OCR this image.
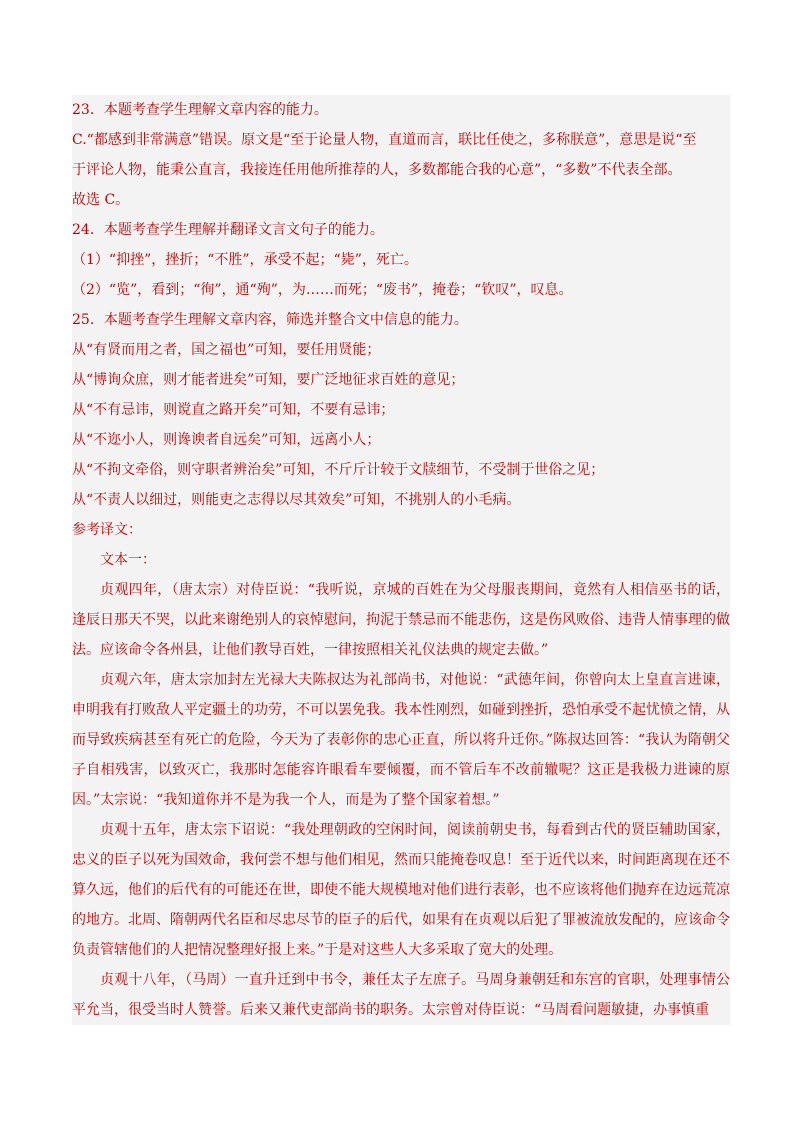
23．本题考查学生理解文章内容的能力。
C.“都感到非常满意”错误。原文是“至于论量人物，直道而言，联比任使之，多称朕意”，意思是说“至
于评论人物，能秉公直言，我接连任用他所推荐的人，多数都能合我的心意”，“多数”不代表全部。
故选 C。
24．本题考查学生理解并翻译文言文句子的能力。
（1）“抑挫”，挫折；“不胜”，承受不起；“毙”，死亡。
（2）“览”，看到；“徇”，通“殉”，为……而死；“废书”，掩卷；“钦叹”，叹息。
25．本题考查学生理解文章内容，筛选并整合文中信息的能力。
从“有贤而用之者，国之福也”可知，要任用贤能；
从“博询众庶，则才能者进矣”可知，要广泛地征求百姓的意见；
从“不有忌讳，则谠直之路开矣”可知，不要有忌讳；
从“不迩小人，则谗谀者自远矣”可知，远离小人；
从“不拘文牵俗，则守职者辨治矣”可知，不斤斤计较于文牍细节，不受制于世俗之见；
从“不责人以细过，则能吏之志得以尽其效矣”可知，不挑别人的小毛病。
参考译文：
文本一：
贞观四年，（唐太宗）对侍臣说：“我听说，京城的百姓在为父母服丧期间，竟然有人相信巫书的话，逢辰日那天不哭，以此来谢绝别人的哀悼慰问，拘泥于禁忌而不能悲伤，这是伤风败俗、违背人情事理的做法。应该命令各州县，让他们教导百姓，一律按照相关礼仪法典的规定去做。”
贞观六年，唐太宗加封左光禄大夫陈叔达为礼部尚书，对他说：“武德年间，你曾向太上皇直言进谏，申明我有打败敌人平定疆土的功劳，不可以罢免我。我本性刚烈，如碰到挫折，恐怕承受不起忧愤之情，从而导致疾病甚至有死亡的危险，今天为了表彰你的忠心正直，所以将升迁你。”陈叔达回答：“我认为隋朝父子自相残害，以致灭亡，我那时怎能容许眼看车要倾覆，而不管后车不改前辙呢？这正是我极力进谏的原因。”太宗说：“我知道你并不是为我一个人，而是为了整个国家着想。”
贞观十五年，唐太宗下诏说：“我处理朝政的空闲时间，阅读前朝史书，每看到古代的贤臣辅助国家，忠义的臣子以死为国效命，我何尝不想与他们相见，然而只能掩卷叹息！至于近代以来，时间距离现在还不算久远，他们的后代有的可能还在世，即使不能大规模地对他们进行表彰，也不应该将他们抛弃在边远荒凉的地方。北周、隋朝两代名臣和尽忠尽节的臣子的后代，如果有在贞观以后犯了罪被流放发配的，应该命令负责管辖他们的人把情况整理好报上来。”于是对这些人大多采取了宽大的处理。
贞观十八年，（马周）一直升迁到中书令，兼任太子左庶子。马周身兼朝廷和东宫的官职，处理事情公平允当，很受当时人赞誉。后来又兼代吏部尚书的职务。太宗曾对侍臣说：“马周看问题敏捷，办事慎重
